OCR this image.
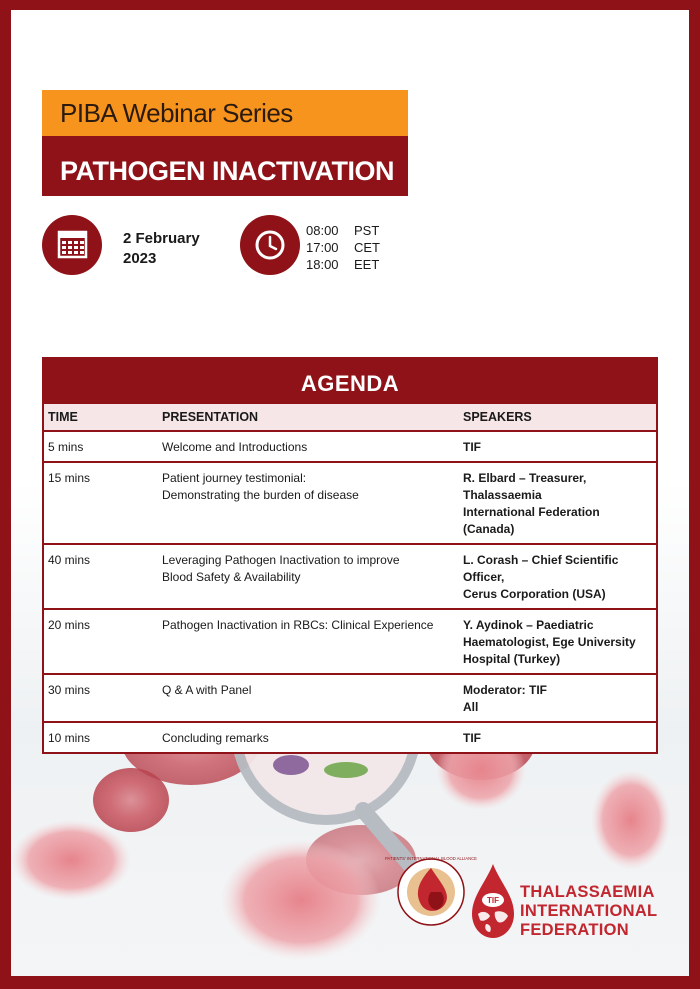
PIBA Webinar Series
PATHOGEN INACTIVATION
2 February
2023
08:00	PST
17:00	CET
18:00	EET
AGENDA
TIME	PRESENTATION	SPEAKERS
5 mins	Welcome and Introductions	TIF

15 mins	Patient journey testimonial:
Demonstrating the burden of disease	R. Elbard – Treasurer, Thalassaemia
International Federation (Canada)

40 mins	Leveraging Pathogen Inactivation to improve
Blood Safety & Availability	L. Corash – Chief Scientific Officer,
Cerus Corporation (USA)

20 mins	Pathogen Inactivation in RBCs: Clinical Experience	Y. Aydinok – Paediatric
Haematologist, Ege University
Hospital (Turkey)

30 mins	Q & A with Panel	Moderator: TIF
All

10 mins	Concluding remarks	TIF
PATIENTS' INTERNATIONAL BLOOD ALLIANCE
TIF THALASSAEMIA
INTERNATIONAL
FEDERATION
